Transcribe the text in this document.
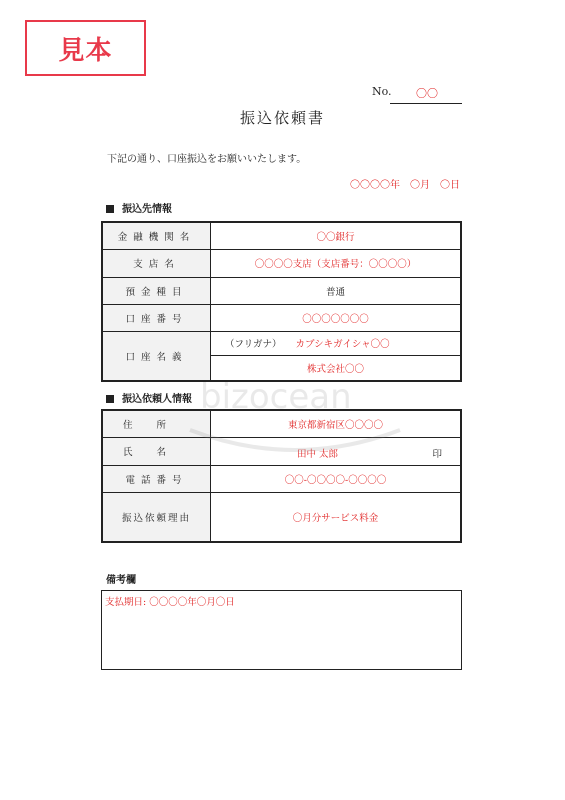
見本
No. 〇〇
振込依頼書
下記の通り、口座振込をお願いいたします。
〇〇〇〇年　〇月　〇日
振込先情報
金融機関名	〇〇銀行
支店名	〇〇〇〇支店（支店番号：〇〇〇〇）
預金種目	普通
口座番号	〇〇〇〇〇〇〇
口座名義	（フリガナ） カブシキガイシャ〇〇
	株式会社〇〇
振込依頼人情報
住所	東京都新宿区〇〇〇〇
氏名	田中 太郎 印

電話番号	〇〇-〇〇〇〇-〇〇〇〇
振込依頼理由	〇月分サービス料金
備考欄
支払期日: 〇〇〇〇年〇月〇日
bizocean
